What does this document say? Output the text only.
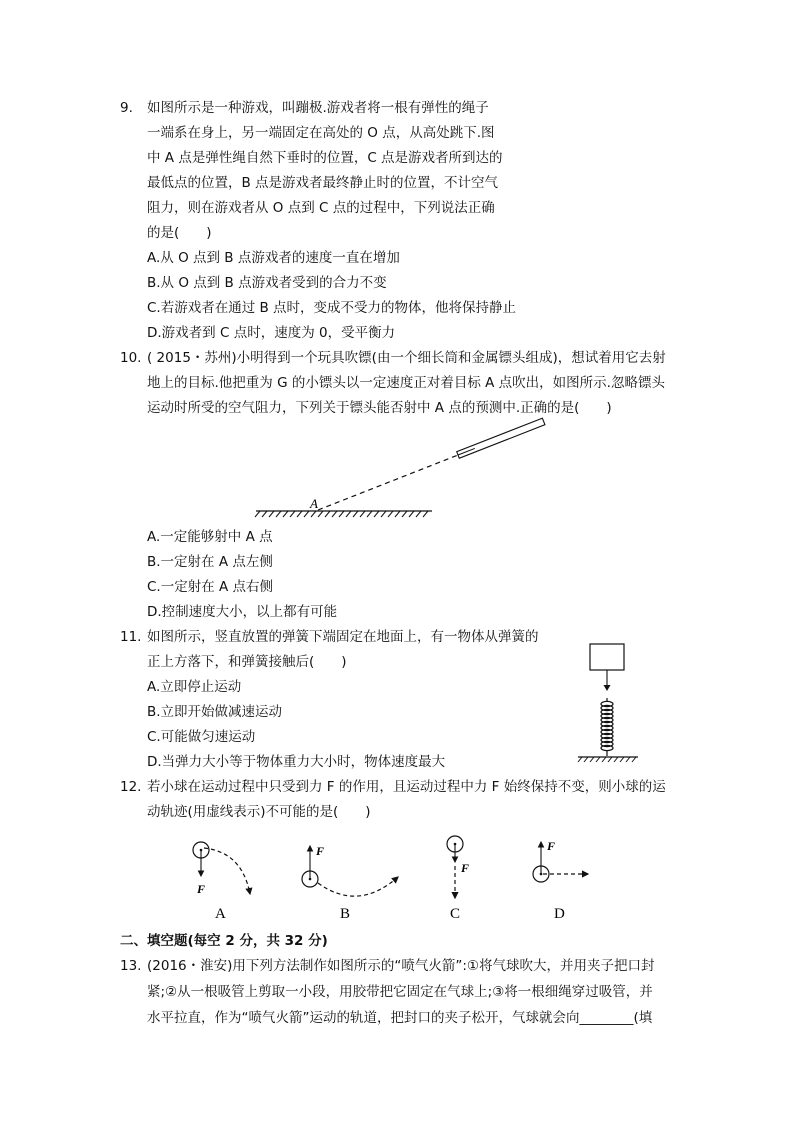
9. 如图所示是一种游戏，叫蹦极.游戏者将一根有弹性的绳子
一端系在身上，另一端固定在高处的 O 点，从高处跳下.图
中 A 点是弹性绳自然下垂时的位置，C 点是游戏者所到达的
最低点的位置，B 点是游戏者最终静止时的位置，不计空气
阻力，则在游戏者从 O 点到 C 点的过程中，下列说法正确
的是(　　)
A.从 O 点到 B 点游戏者的速度一直在增加
B.从 O 点到 B 点游戏者受到的合力不变
C.若游戏者在通过 B 点时，变成不受力的物体，他将保持静止
D.游戏者到 C 点时，速度为 0，受平衡力
10. ( 2015・苏州)小明得到一个玩具吹镖(由一个细长筒和金属镖头组成)，想试着用它去射
地上的目标.他把重为 G 的小镖头以一定速度正对着目标 A 点吹出，如图所示.忽略镖头
运动时所受的空气阻力，下列关于镖头能否射中 A 点的预测中.正确的是(　　)
A
A.一定能够射中 A 点
B.一定射在 A 点左侧
C.一定射在 A 点右侧
D.控制速度大小，以上都有可能
11. 如图所示，竖直放置的弹簧下端固定在地面上，有一物体从弹簧的
正上方落下，和弹簧接触后(　　)
A.立即停止运动
B.立即开始做减速运动
C.可能做匀速运动
D.当弹力大小等于物体重力大小时，物体速度最大
12. 若小球在运动过程中只受到力 F 的作用，且运动过程中力 F 始终保持不变，则小球的运
动轨迹(用虚线表示)不可能的是(　　)
F
A
F
B
F
C
F
D
二、填空题(每空 2 分，共 32 分)
13. (2016・淮安)用下列方法制作如图所示的“喷气火箭”:①将气球吹大，并用夹子把口封
紧;②从一根吸管上剪取一小段，用胶带把它固定在气球上;③将一根细绳穿过吸管，并
水平拉直，作为“喷气火箭”运动的轨道，把封口的夹子松开，气球就会向________(填
